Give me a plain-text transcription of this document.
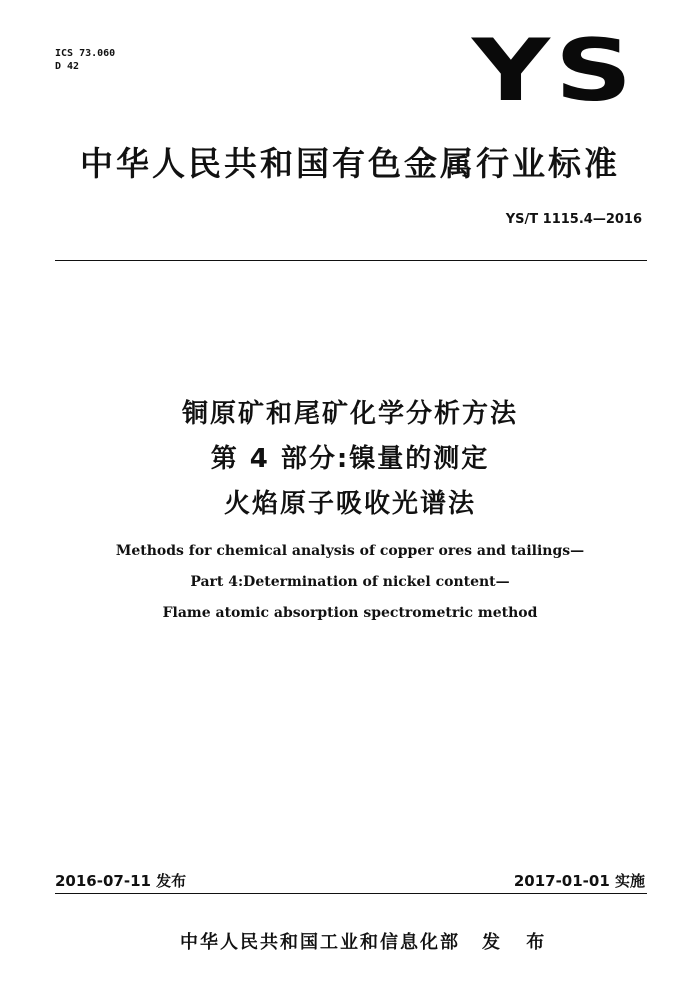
ICS 73.060
D 42	YS
中华人民共和国有色金属行业标准
YS/T 1115.4—2016
铜原矿和尾矿化学分析方法
第 4 部分:镍量的测定
火焰原子吸收光谱法
Methods for chemical analysis of copper ores and tailings—
Part 4:Determination of nickel content—
Flame atomic absorption spectrometric method
2016-07-11 发布	2017-01-01 实施
中华人民共和国工业和信息化部 发 布
